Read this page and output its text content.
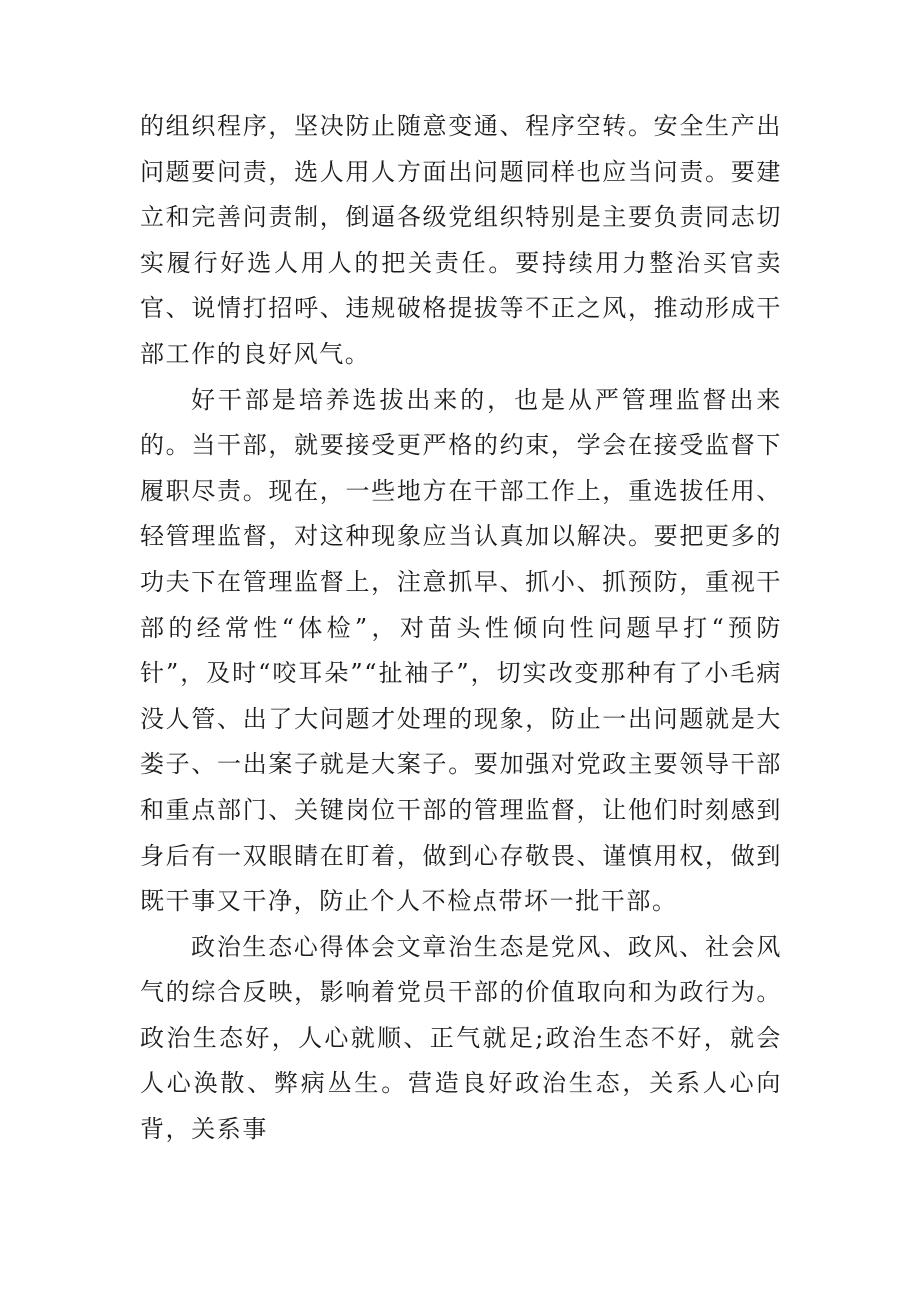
的组织程序，坚决防止随意变通、程序空转。安全生产出问题要问责，选人用人方面出问题同样也应当问责。要建立和完善问责制，倒逼各级党组织特别是主要负责同志切实履行好选人用人的把关责任。要持续用力整治买官卖官、说情打招呼、违规破格提拔等不正之风，推动形成干部工作的良好风气。

好干部是培养选拔出来的，也是从严管理监督出来的。当干部，就要接受更严格的约束，学会在接受监督下履职尽责。现在，一些地方在干部工作上，重选拔任用、轻管理监督，对这种现象应当认真加以解决。要把更多的功夫下在管理监督上，注意抓早、抓小、抓预防，重视干部的经常性“体检”，对苗头性倾向性问题早打“预防针”，及时“咬耳朵”“扯袖子”，切实改变那种有了小毛病没人管、出了大问题才处理的现象，防止一出问题就是大娄子、一出案子就是大案子。要加强对党政主要领导干部和重点部门、关键岗位干部的管理监督，让他们时刻感到身后有一双眼睛在盯着，做到心存敬畏、谨慎用权，做到既干事又干净，防止个人不检点带坏一批干部。

政治生态心得体会文章治生态是党风、政风、社会风气的综合反映，影响着党员干部的价值取向和为政行为。政治生态好，人心就顺、正气就足;政治生态不好，就会人心涣散、弊病丛生。营造良好政治生态，关系人心向背，关系事
